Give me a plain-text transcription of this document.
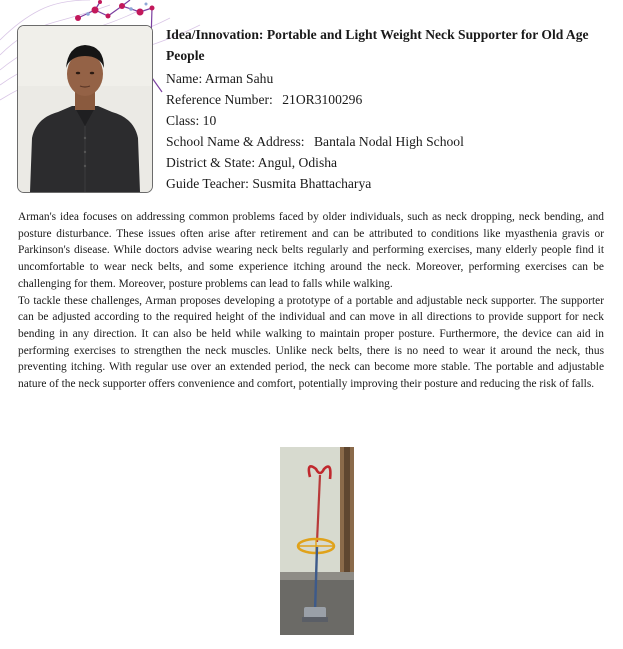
Idea/Innovation: Portable and Light Weight Neck Supporter for Old Age People
Name: Arman Sahu
Reference Number: 21OR3100296
Class: 10
School Name & Address: Bantala Nodal High School
District & State: Angul, Odisha
Guide Teacher: Susmita Bhattacharya

Arman's idea focuses on addressing common problems faced by older individuals, such as neck dropping, neck bending, and posture disturbance. These issues often arise after retirement and can be attributed to conditions like myasthenia gravis or Parkinson's disease. While doctors advise wearing neck belts regularly and performing exercises, many elderly people find it uncomfortable to wear neck belts, and some experience itching around the neck. Moreover, performing exercises can be challenging for them. Moreover, posture problems can lead to falls while walking.

To tackle these challenges, Arman proposes developing a prototype of a portable and adjustable neck supporter. The supporter can be adjusted according to the required height of the individual and can move in all directions to provide support for neck bending in any direction. It can also be held while walking to maintain proper posture. Furthermore, the device can aid in performing exercises to strengthen the neck muscles. Unlike neck belts, there is no need to wear it around the neck, thus preventing itching. With regular use over an extended period, the neck can become more stable. The portable and adjustable nature of the neck supporter offers convenience and comfort, potentially improving their posture and reducing the risk of falls.
